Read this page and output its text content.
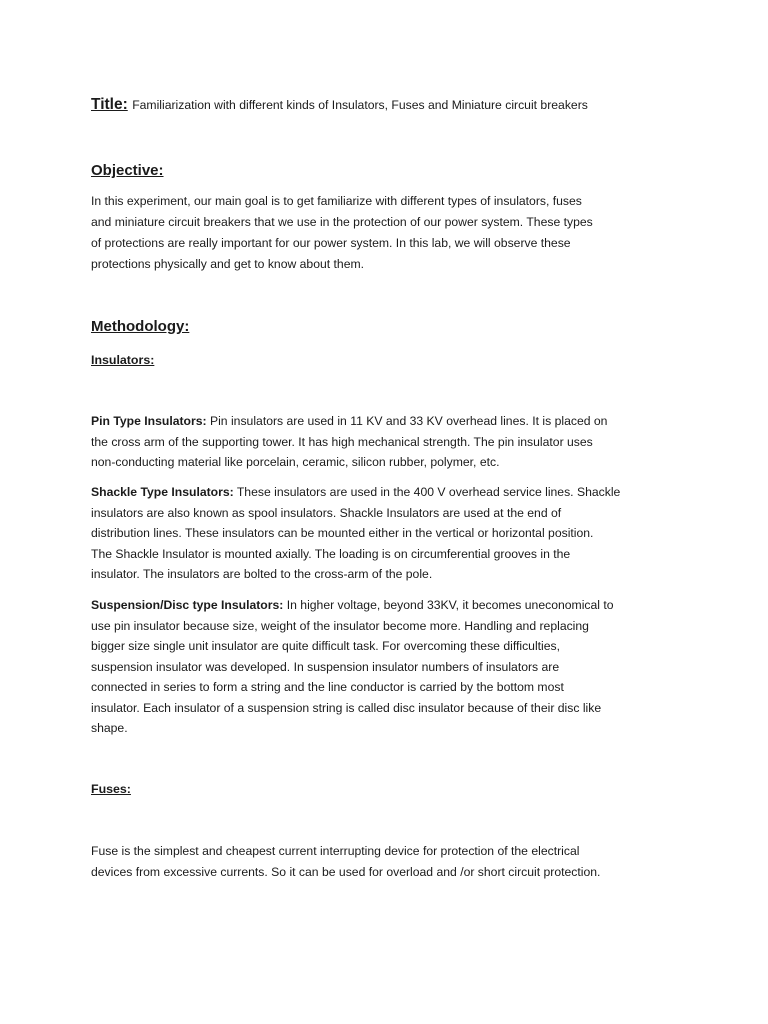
Title: Familiarization with different kinds of Insulators, Fuses and Miniature circuit breakers
Objective:
In this experiment, our main goal is to get familiarize with different types of insulators, fuses
and miniature circuit breakers that we use in the protection of our power system. These types
of protections are really important for our power system. In this lab, we will observe these
protections physically and get to know about them.
Methodology:
Insulators:
Pin Type Insulators: Pin insulators are used in 11 KV and 33 KV overhead lines. It is placed on
the cross arm of the supporting tower. It has high mechanical strength. The pin insulator uses
non-conducting material like porcelain, ceramic, silicon rubber, polymer, etc.
Shackle Type Insulators: These insulators are used in the 400 V overhead service lines. Shackle
insulators are also known as spool insulators. Shackle Insulators are used at the end of
distribution lines. These insulators can be mounted either in the vertical or horizontal position.
The Shackle Insulator is mounted axially. The loading is on circumferential grooves in the
insulator. The insulators are bolted to the cross-arm of the pole.
Suspension/Disc type Insulators: In higher voltage, beyond 33KV, it becomes uneconomical to
use pin insulator because size, weight of the insulator become more. Handling and replacing
bigger size single unit insulator are quite difficult task. For overcoming these difficulties,
suspension insulator was developed. In suspension insulator numbers of insulators are
connected in series to form a string and the line conductor is carried by the bottom most
insulator. Each insulator of a suspension string is called disc insulator because of their disc like
shape.
Fuses:
Fuse is the simplest and cheapest current interrupting device for protection of the electrical
devices from excessive currents. So it can be used for overload and /or short circuit protection.
